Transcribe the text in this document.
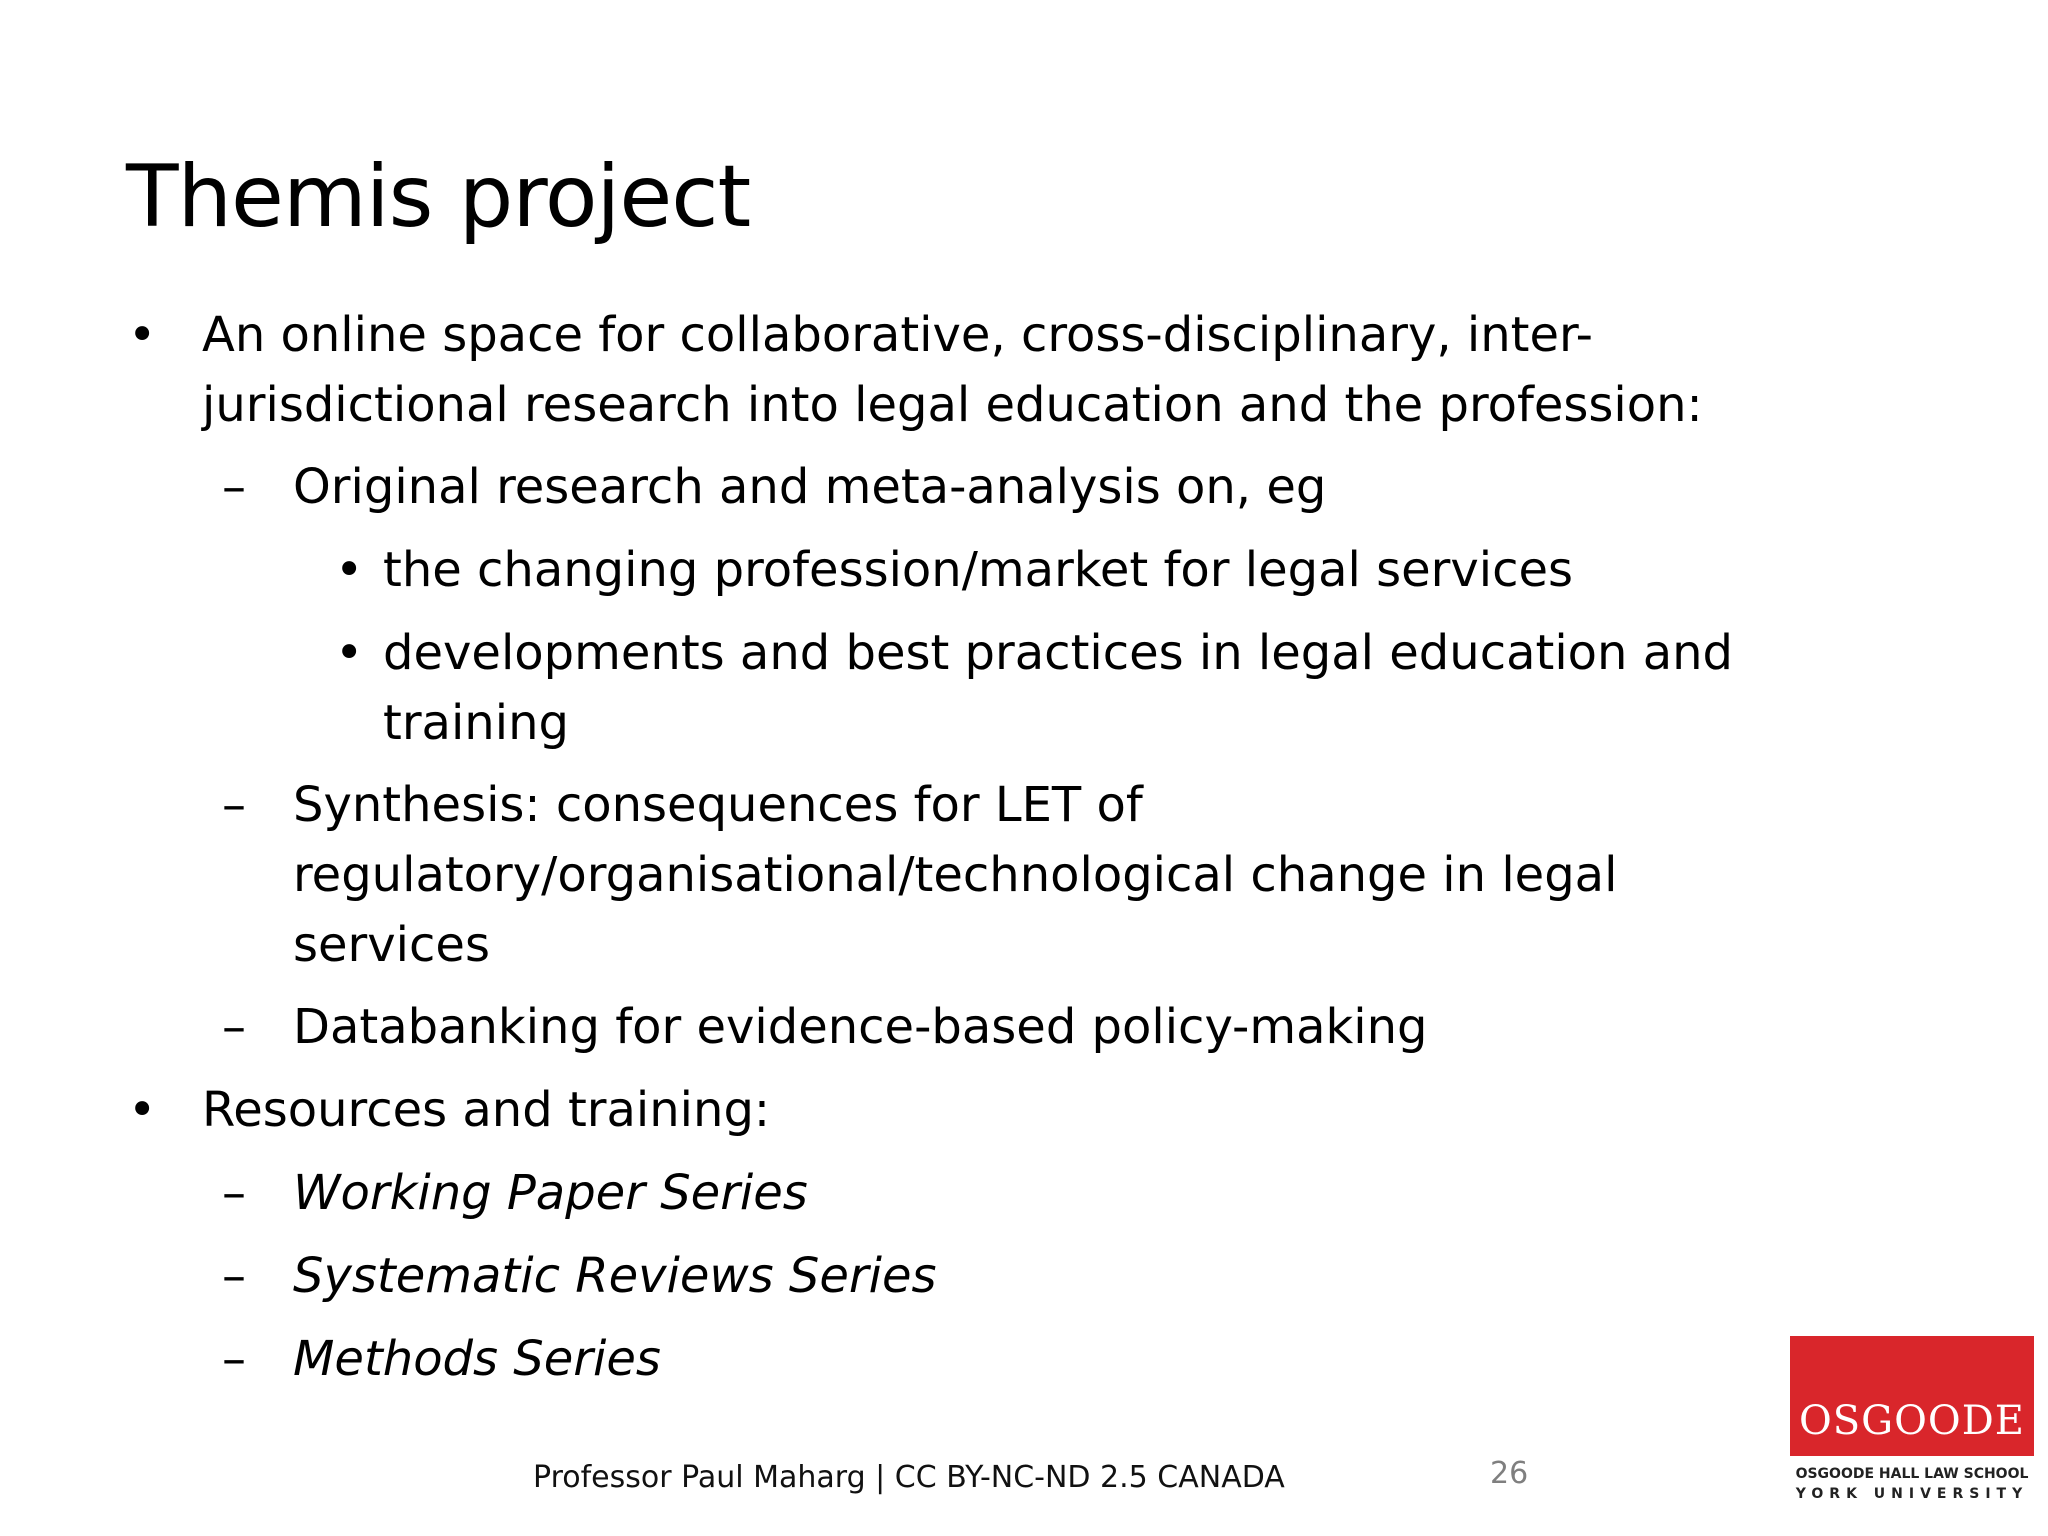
Themis project
• An online space for collaborative, cross-disciplinary, inter-
jurisdictional research into legal education and the profession:
– Original research and meta-analysis on, eg
• the changing profession/market for legal services
• developments and best practices in legal education and
training
– Synthesis: consequences for LET of
regulatory/organisational/technological change in legal
services
– Databanking for evidence-based policy-making
• Resources and training:
– Working Paper Series
– Systematic Reviews Series
– Methods Series
Professor Paul Maharg | CC BY-NC-ND 2.5 CANADA	26
OSGOODE
OSGOODE HALL LAW SCHOOL
YORK UNIVERSITY
